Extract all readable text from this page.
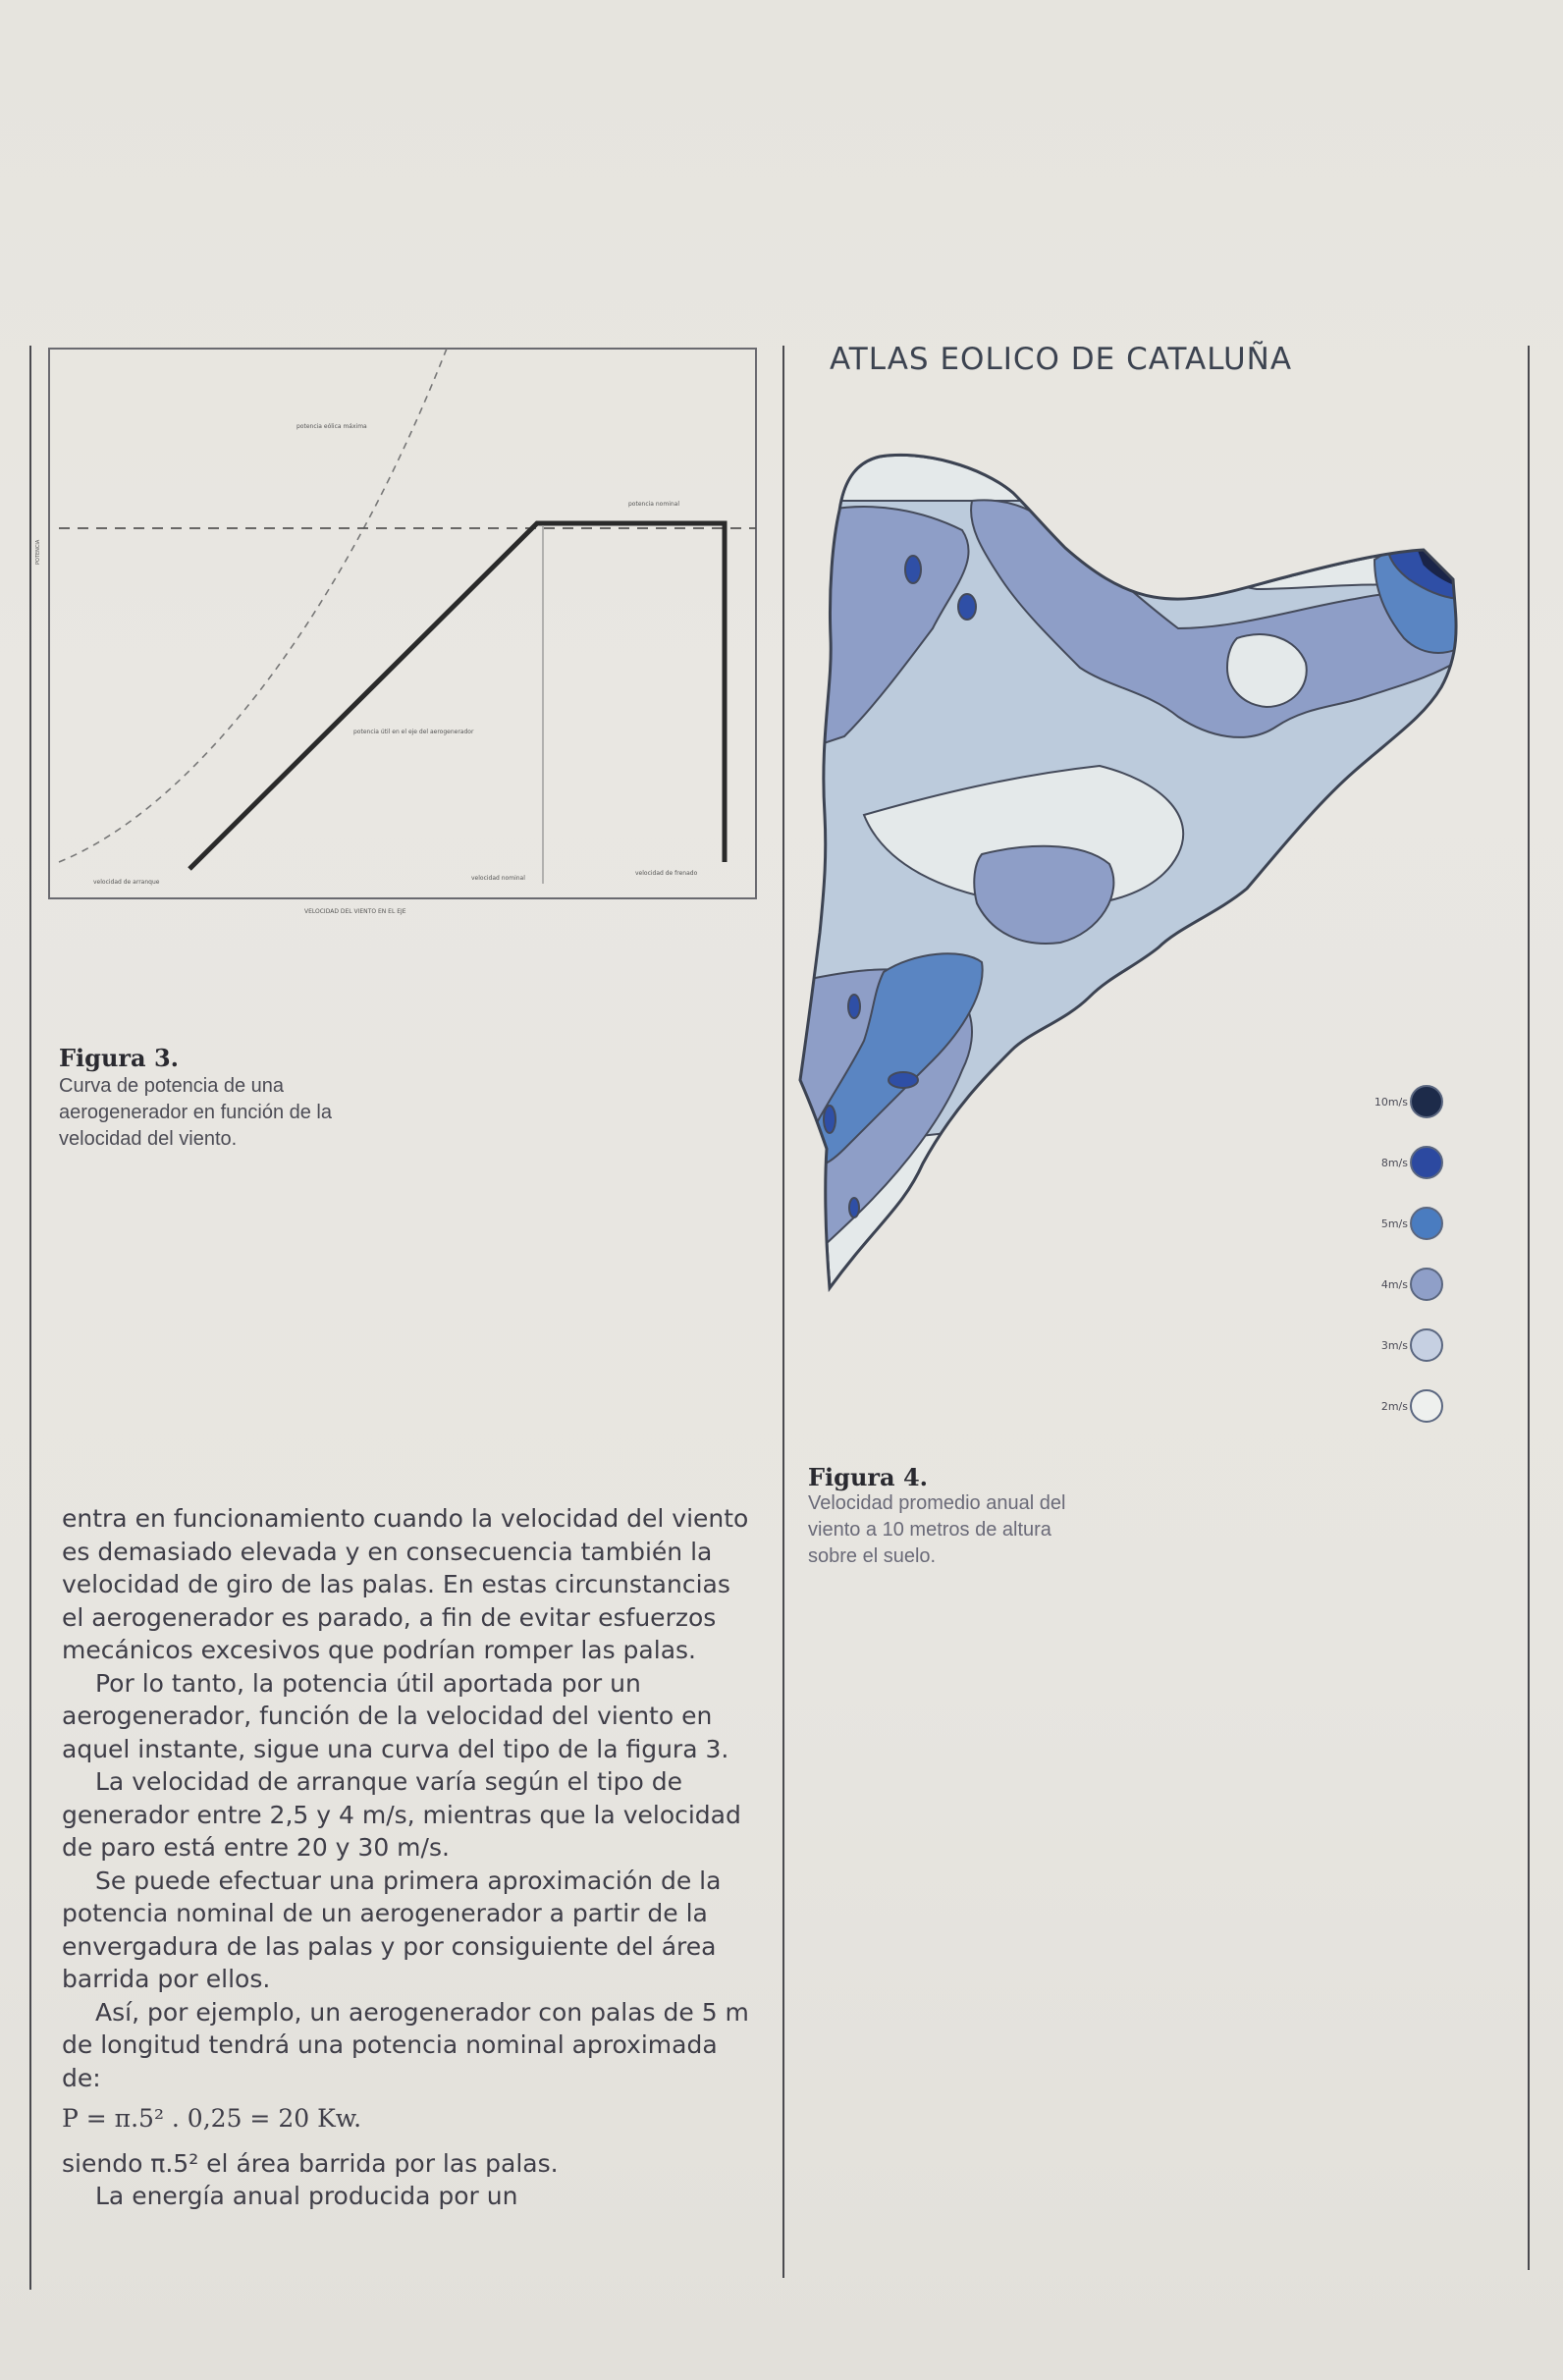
POTENCIA
potencia eólica máxima
potencia nominal
potencia útil en el eje del aerogenerador
velocidad de arranque
velocidad nominal
velocidad de frenado
VELOCIDAD DEL VIENTO EN EL EJE
Figura 3.
Curva de potencia de una
aerogenerador en función de la
velocidad del viento.
ATLAS EOLICO DE CATALUÑA
10m/s
8m/s
5m/s
4m/s
3m/s
2m/s
Figura 4.
Velocidad promedio anual del
viento a 10 metros de altura
sobre el suelo.

entra en funcionamiento cuando la velocidad del viento es demasiado elevada y en consecuencia también la velocidad de giro de las palas. En estas circunstancias el aerogenerador es parado, a fin de evitar esfuerzos mecánicos excesivos que podrían romper las palas.

Por lo tanto, la potencia útil aportada por un aerogenerador, función de la velocidad del viento en aquel instante, sigue una curva del tipo de la figura 3.

La velocidad de arranque varía según el tipo de generador entre 2,5 y 4 m/s, mientras que la velocidad de paro está entre 20 y 30 m/s.

Se puede efectuar una primera aproximación de la potencia nominal de un aerogenerador a partir de la envergadura de las palas y por consiguiente del área barrida por ellos.

Así, por ejemplo, un aerogenerador con palas de 5 m de longitud tendrá una potencia nominal aproximada de:

P = π.5² . 0,25 = 20 Kw.

siendo π.5² el área barrida por las palas.

La energía anual producida por un
